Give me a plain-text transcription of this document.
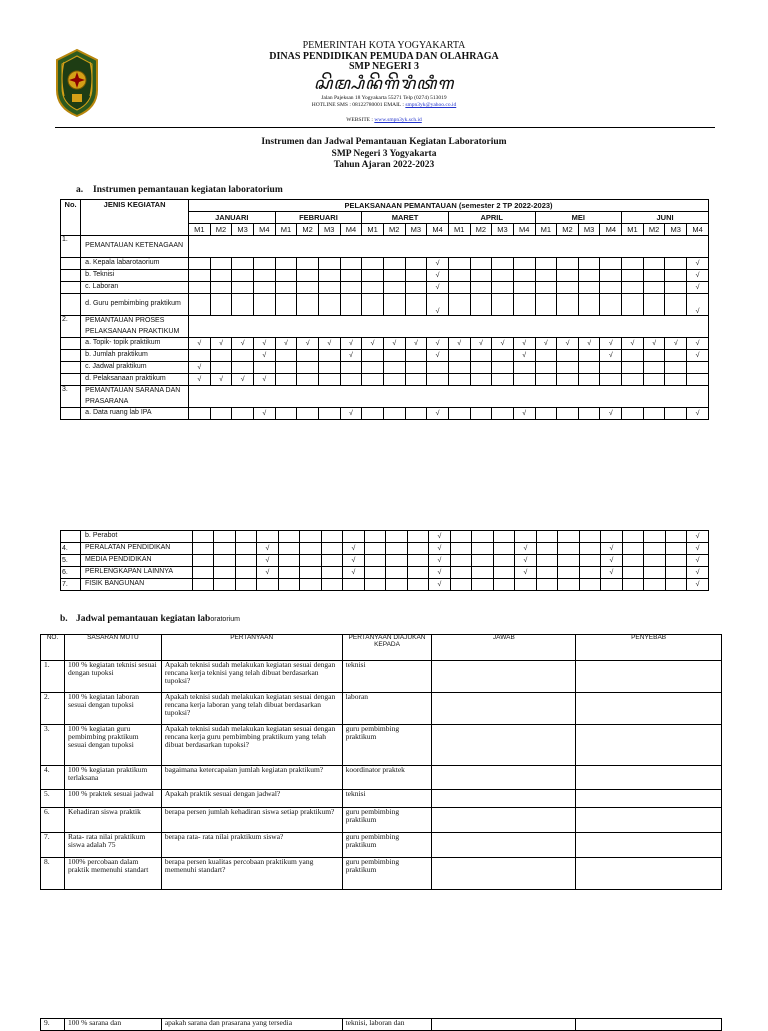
PEMERINTAH KOTA YOGYAKARTA
DINAS PENDIDIKAN PEMUDA DAN OLAHRAGA
SMP NEGERI 3
ꦱꦼꦩ꧀ꦥꦶꦤꦼꦒꦼꦫꦶꦠꦶꦒ
Jalan Pajeksan 18 Yogyakarta 55271 Telp (0274) 513019
HOTLINE SMS : 08122780001 EMAIL : smpn3yk@yahoo.co.id
WEBSITE : www.smpn3yk.sch.id
Instrumen dan Jadwal Pemantauan Kegiatan Laboratorium
SMP Negeri 3 Yogyakarta
Tahun Ajaran 2022-2023
a. Instrumen pemantauan kegiatan laboratorium
No.	JENIS KEGIATAN	PELAKSANAAN PEMANTAUAN (semester 2 TP 2022-2023)																							
		JANUARI				FEBRUARI				MARET				APRIL				MEI				JUNI			
		M1	M2	M3	M4	M1	M2	M3	M4	M1	M2	M3	M4	M1	M2	M3	M4	M1	M2	M3	M4	M1	M2	M3	M4
1.	PEMANTAUAN KETENAGAAN																								
	a. Kepala labarotaorium												√												√
	b. Teknisi												√												√
	c. Laboran												√												√
	d. Guru pembimbing praktikum												√												√
2.	PEMANTAUAN PROSES PELAKSANAAN PRAKTIKUM																								
	a. Topik- topik praktikum	√	√	√	√	√	√	√	√	√	√	√	√	√	√	√	√	√	√	√	√	√	√	√	√
	b. Jumlah praktikum				√				√				√				√				√				√
	c. Jadwal praktikum	√																							
	d. Pelaksanaan praktikum	√	√	√	√																				
3.	PEMANTAUAN SARANA DAN PRASARANA																								
	a. Data ruang lab IPA				√				√				√				√				√				√
	b. Perabot												√												√
4.	PERALATAN PENDIDIKAN				√				√				√				√				√				√
5.	MEDIA PENDIDIKAN				√				√				√				√				√				√
6.	PERLENGKAPAN LAINNYA				√				√				√				√				√				√
7.	FISIK BANGUNAN												√												√
b. Jadwal pemantauan kegiatan laboratorium
NO.	SASARAN MUTU	PERTANYAAN	PERTANYAAN DIAJUKAN KEPADA	JAWAB	PENYEBAB
1.	100 % kegiatan teknisi sesuai dengan tupoksi	Apakah teknisi sudah melakukan kegiatan sesuai dengan rencana kerja teknisi yang telah dibuat berdasarkan tupoksi?	teknisi		
2.	100 % kegiatan laboran sesuai dengan tupoksi	Apakah teknisi sudah melakukan kegiatan sesuai dengan rencana kerja laboran yang telah dibuat berdasarkan tupoksi?	laboran		
3.	100 % kegiatan guru pembimbing praktikum sesuai dengan tupoksi	Apakah teknisi sudah melakukan kegiatan sesuai dengan rencana kerja guru pembimbing praktikum yang telah dibuat berdasarkan tupoksi?	guru pembimbing praktikum		
4.	100 % kegiatan praktikum terlaksana	bagaimana ketercapaian jumlah kegiatan praktikum?	koordinator praktek		
5.	100 % praktek sesuai jadwal	Apakah praktik sesuai dengan jadwal?	teknisi		
6.	Kehadiran siswa praktik	berapa persen jumlah kehadiran siswa setiap praktikum?	guru pembimbing praktikum		
7.	Rata- rata nilai praktikum siswa adalah 75	berapa rata- rata nilai praktikum siswa?	guru pembimbing praktikum		
8.	100% percobaan dalam praktik memenuhi standart	berapa persen kualitas percobaan praktikum yang memenuhi standart?	guru pembimbing praktikum		
9.	100 % sarana dan	apakah sarana dan prasarana yang tersedia	teknisi, laboran dan		
